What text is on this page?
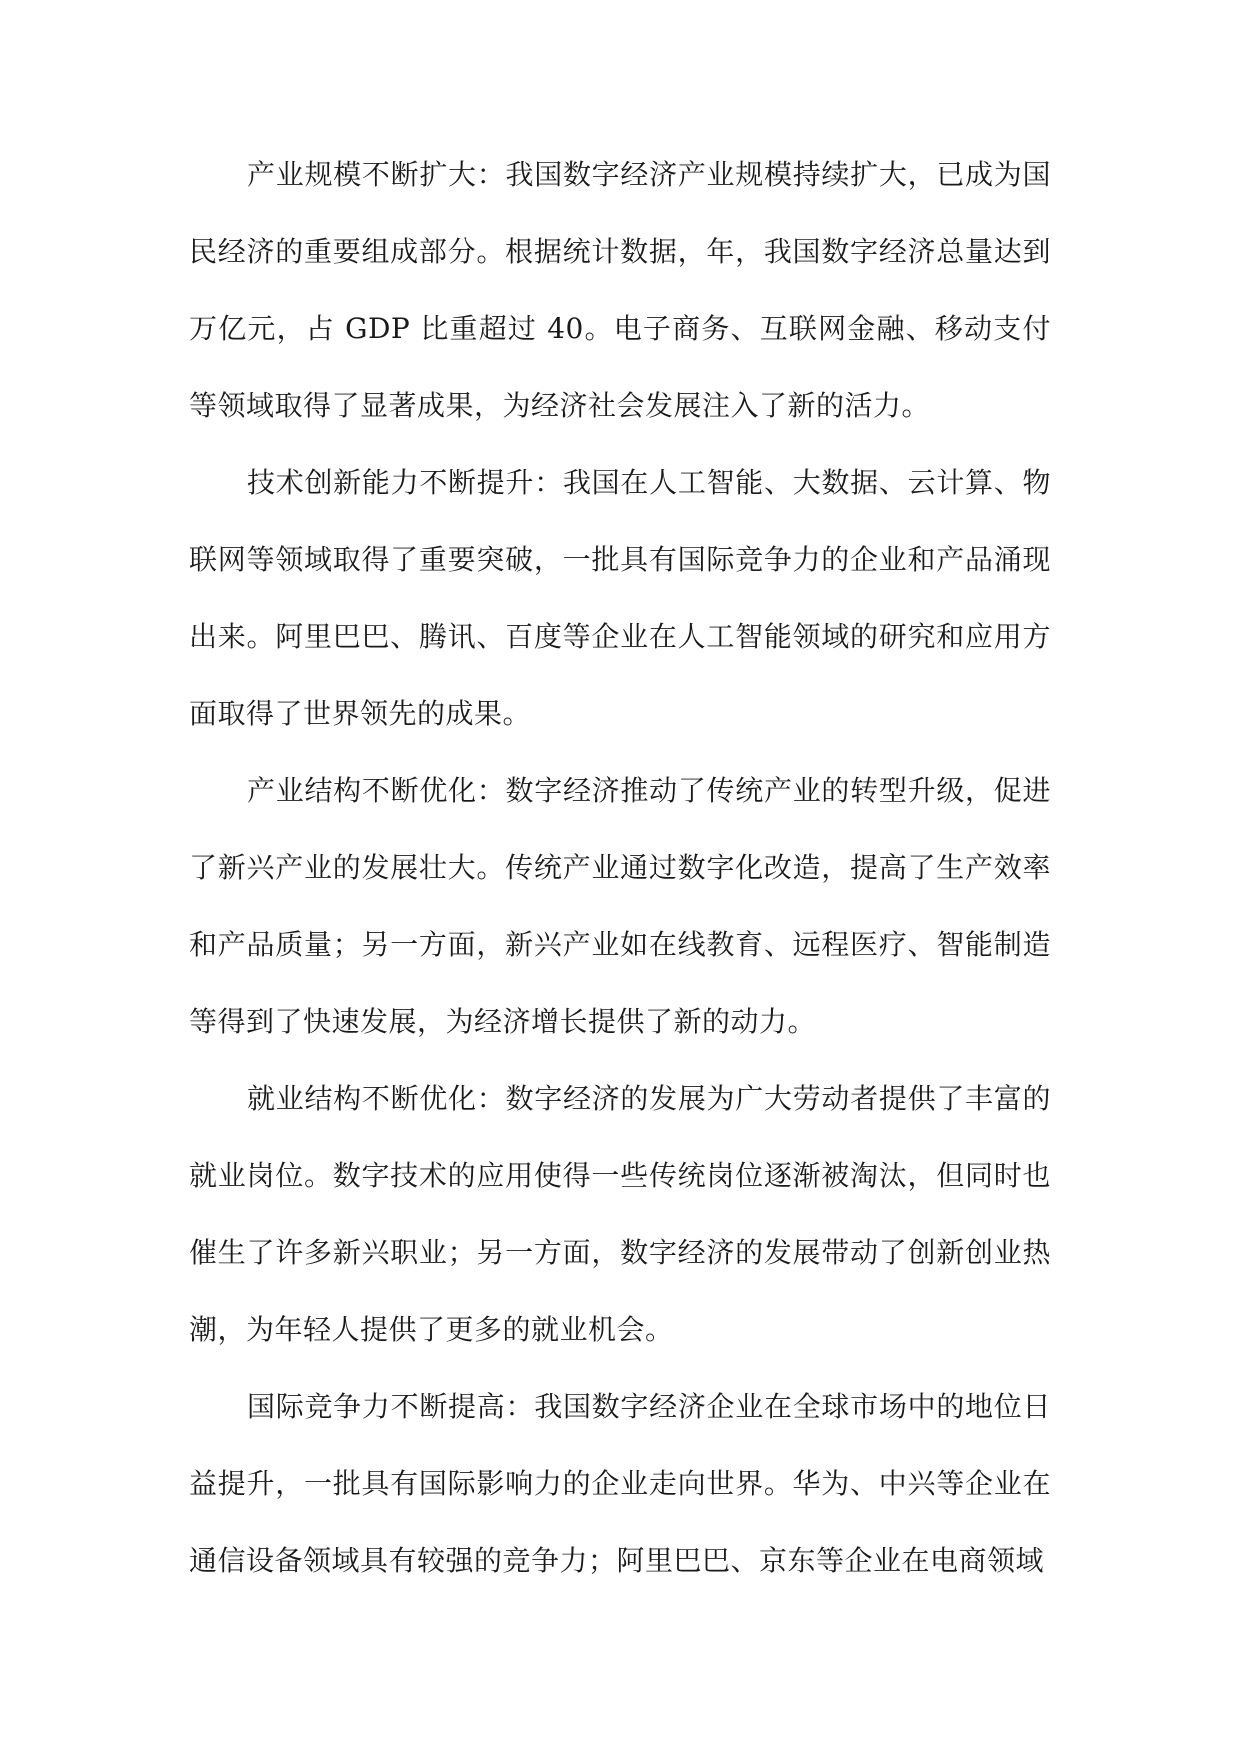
产业规模不断扩大：我国数字经济产业规模持续扩大，已成为国民经济的重要组成部分。根据统计数据，年，我国数字经济总量达到万亿元，占 GDP 比重超过 40。电子商务、互联网金融、移动支付等领域取得了显著成果，为经济社会发展注入了新的活力。

技术创新能力不断提升：我国在人工智能、大数据、云计算、物联网等领域取得了重要突破，一批具有国际竞争力的企业和产品涌现出来。阿里巴巴、腾讯、百度等企业在人工智能领域的研究和应用方面取得了世界领先的成果。

产业结构不断优化：数字经济推动了传统产业的转型升级，促进了新兴产业的发展壮大。传统产业通过数字化改造，提高了生产效率和产品质量；另一方面，新兴产业如在线教育、远程医疗、智能制造等得到了快速发展，为经济增长提供了新的动力。

就业结构不断优化：数字经济的发展为广大劳动者提供了丰富的就业岗位。数字技术的应用使得一些传统岗位逐渐被淘汰，但同时也催生了许多新兴职业；另一方面，数字经济的发展带动了创新创业热潮，为年轻人提供了更多的就业机会。

国际竞争力不断提高：我国数字经济企业在全球市场中的地位日益提升，一批具有国际影响力的企业走向世界。华为、中兴等企业在通信设备领域具有较强的竞争力；阿里巴巴、京东等企业在电商领域
